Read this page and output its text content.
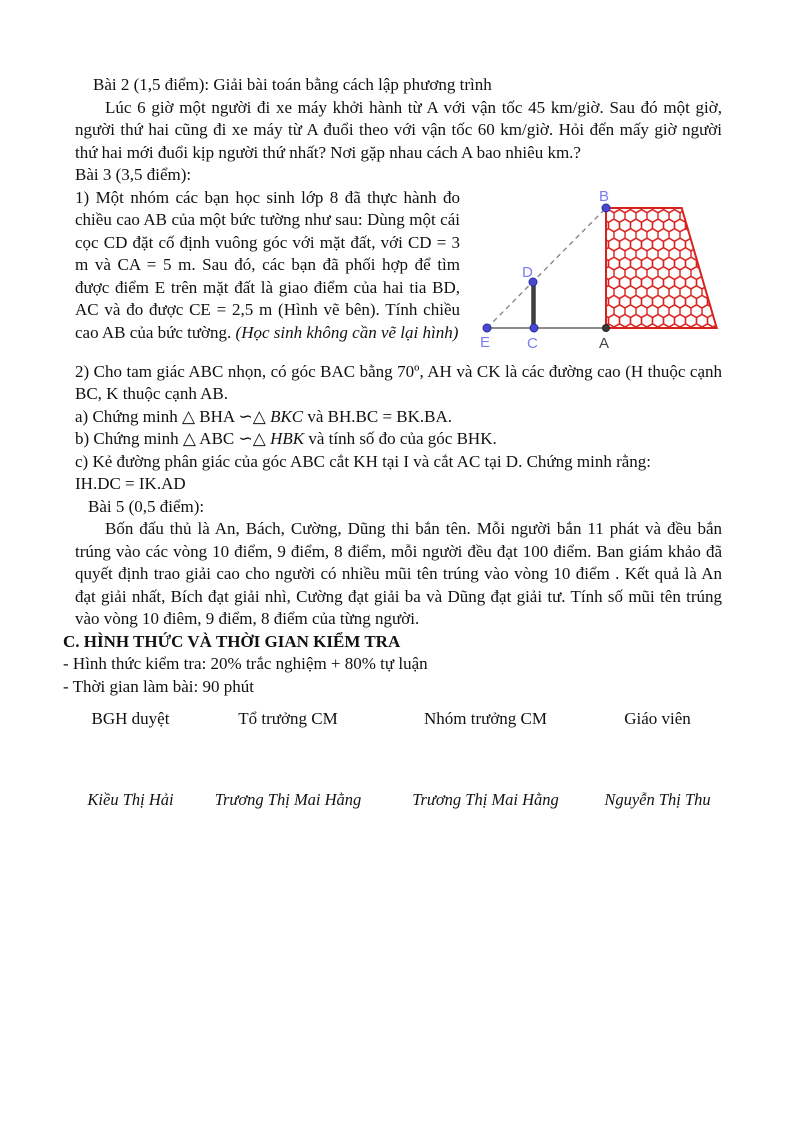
Bài 2 (1,5 điểm): Giải bài toán bằng cách lập phương trình

Lúc 6 giờ một người đi xe máy khởi hành từ A với vận tốc 45 km/giờ. Sau đó một giờ, người thứ hai cũng đi xe máy từ A đuổi theo với vận tốc 60 km/giờ. Hỏi đến mấy giờ người thứ hai mới đuổi kịp người thứ nhất? Nơi gặp nhau cách A bao nhiêu km.?

Bài 3 (3,5 điểm):

1) Một nhóm các bạn học sinh lớp 8 đã thực hành đo chiều cao AB của một bức tường như sau: Dùng một cái cọc CD đặt cố định vuông góc với mặt đất, với CD = 3 m và CA = 5 m. Sau đó, các bạn đã phối hợp để tìm được điểm E trên mặt đất là giao điểm của hai tia BD, AC và đo được CE = 2,5 m (Hình vẽ bên). Tính chiều cao AB của bức tường. (Học sinh không cần vẽ lại hình)
B
D
E C	A

2) Cho tam giác ABC nhọn, có góc BAC bằng 70º, AH và CK là các đường cao (H thuộc cạnh BC, K thuộc cạnh AB.

a) Chứng minh △ BHA ∽△ BKC và BH.BC = BK.BA.

b) Chứng minh △ ABC ∽△ HBK và tính số đo của góc BHK.

c) Kẻ đường phân giác của góc ABC cắt KH tại I và cắt AC tại D. Chứng minh rằng:

IH.DC = IK.AD

Bài 5 (0,5 điểm):

Bốn đấu thủ là An, Bách, Cường, Dũng thi bắn tên. Mỗi người bắn 11 phát và đều bắn trúng vào các vòng 10 điểm, 9 điểm, 8 điểm, mỗi người đều đạt 100 điểm. Ban giám khảo đã quyết định trao giải cao cho người có nhiều mũi tên trúng vào vòng 10 điểm . Kết quả là An đạt giải nhất, Bích đạt giải nhì, Cường đạt giải ba và Dũng đạt giải tư. Tính số mũi tên trúng vào vòng 10 điêm, 9 điểm, 8 điểm của từng người.

C. HÌNH THỨC VÀ THỜI GIAN KIỂM TRA

- Hình thức kiểm tra: 20% trắc nghiệm + 80% tự luận

- Thời gian làm bài: 90 phút

BGH duyệt	Tổ trưởng CM	Nhóm trưởng CM	Giáo viên
Kiều Thị Hải	Trương Thị Mai Hằng	Trương Thị Mai Hằng	Nguyễn Thị Thu
